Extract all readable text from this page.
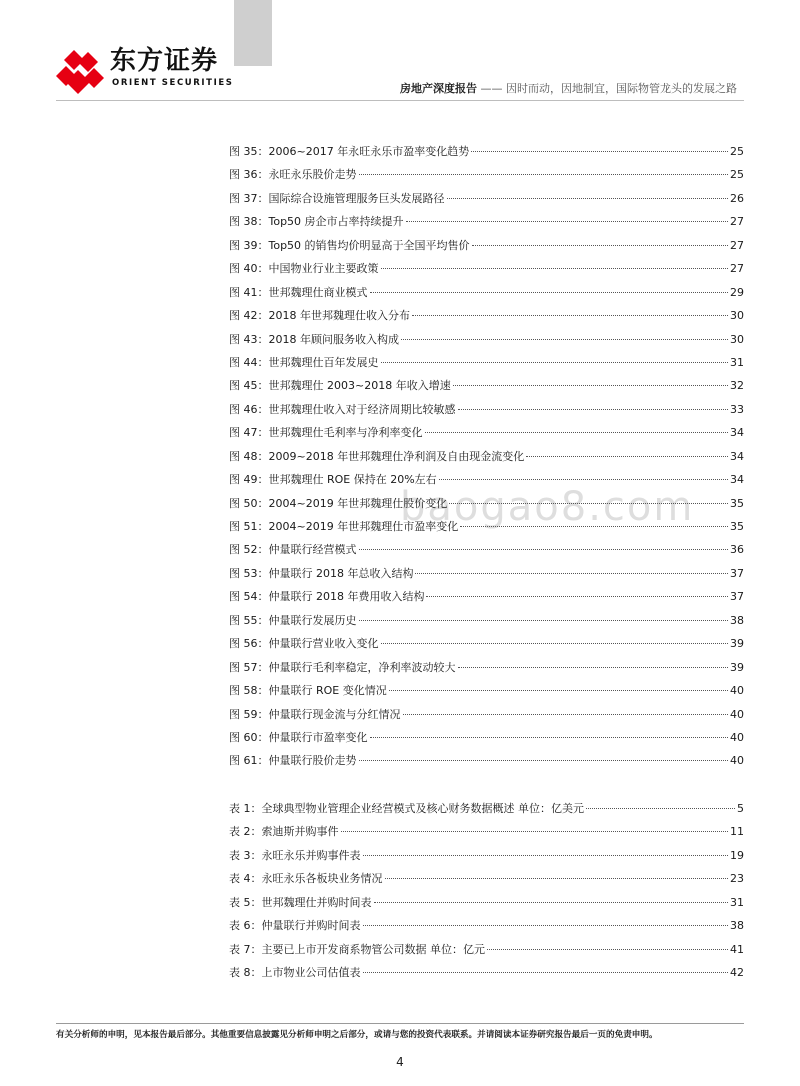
东方证券
ORIENT SECURITIES	房地产深度报告 —— 因时而动，因地制宜，国际物管龙头的发展之路
baogao8.com
图 35：2006~2017 年永旺永乐市盈率变化趋势	25
图 36：永旺永乐股价走势	25
图 37：国际综合设施管理服务巨头发展路径	26
图 38：Top50 房企市占率持续提升	27
图 39：Top50 的销售均价明显高于全国平均售价	27
图 40：中国物业行业主要政策	27
图 41：世邦魏理仕商业模式	29
图 42：2018 年世邦魏理仕收入分布	30
图 43：2018 年顾问服务收入构成	30
图 44：世邦魏理仕百年发展史	31
图 45：世邦魏理仕 2003~2018 年收入增速	32
图 46：世邦魏理仕收入对于经济周期比较敏感	33
图 47：世邦魏理仕毛利率与净利率变化	34
图 48：2009~2018 年世邦魏理仕净利润及自由现金流变化	34
图 49：世邦魏理仕 ROE 保持在 20%左右	34
图 50：2004~2019 年世邦魏理仕股价变化	35
图 51：2004~2019 年世邦魏理仕市盈率变化	35
图 52：仲量联行经营模式	36
图 53：仲量联行 2018 年总收入结构	37
图 54：仲量联行 2018 年费用收入结构	37
图 55：仲量联行发展历史	38
图 56：仲量联行营业收入变化	39
图 57：仲量联行毛利率稳定，净利率波动较大	39
图 58：仲量联行 ROE 变化情况	40
图 59：仲量联行现金流与分红情况	40
图 60：仲量联行市盈率变化	40
图 61：仲量联行股价走势	40
表 1：全球典型物业管理企业经营模式及核心财务数据概述 单位：亿美元	5
表 2：索迪斯并购事件	11
表 3：永旺永乐并购事件表	19
表 4：永旺永乐各板块业务情况	23
表 5：世邦魏理仕并购时间表	31
表 6：仲量联行并购时间表	38
表 7：主要已上市开发商系物管公司数据 单位：亿元	41
表 8：上市物业公司估值表	42
有关分析师的申明，见本报告最后部分。其他重要信息披露见分析师申明之后部分，或请与您的投资代表联系。并请阅读本证券研究报告最后一页的免责申明。
4
